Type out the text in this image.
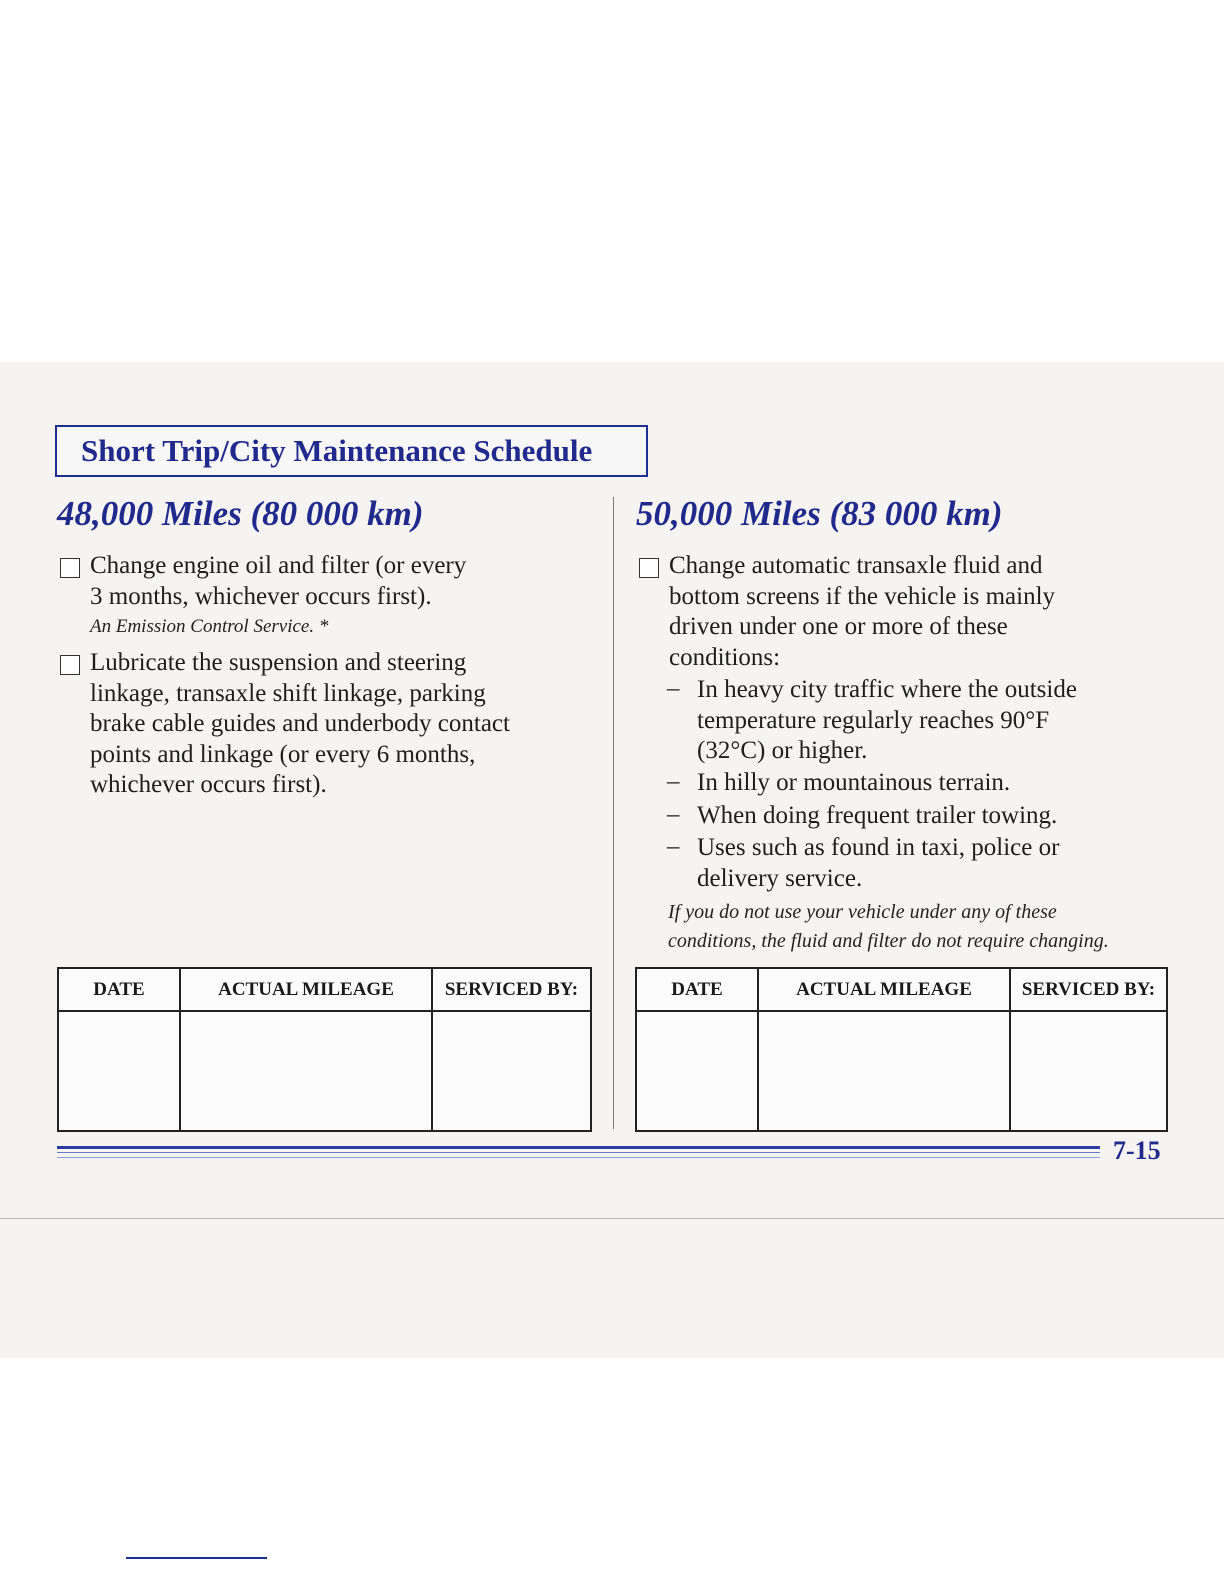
Short Trip/City Maintenance Schedule
48,000 Miles (80 000 km)
Change engine oil and filter (or every
3 months, whichever occurs first).
An Emission Control Service. *
Lubricate the suspension and steering
linkage, transaxle shift linkage, parking
brake cable guides and underbody contact
points and linkage (or every 6 months,
whichever occurs first).
DATE	ACTUAL MILEAGE	SERVICED BY:

50,000 Miles (83 000 km)
Change automatic transaxle fluid and
bottom screens if the vehicle is mainly
driven under one or more of these
conditions:
– In heavy city traffic where the outside
temperature regularly reaches 90°F
(32°C) or higher.
– In hilly or mountainous terrain.
– When doing frequent trailer towing.
– Uses such as found in taxi, police or
delivery service.
If you do not use your vehicle under any of these
conditions, the fluid and filter do not require changing.
DATE	ACTUAL MILEAGE	SERVICED BY:

7-15
